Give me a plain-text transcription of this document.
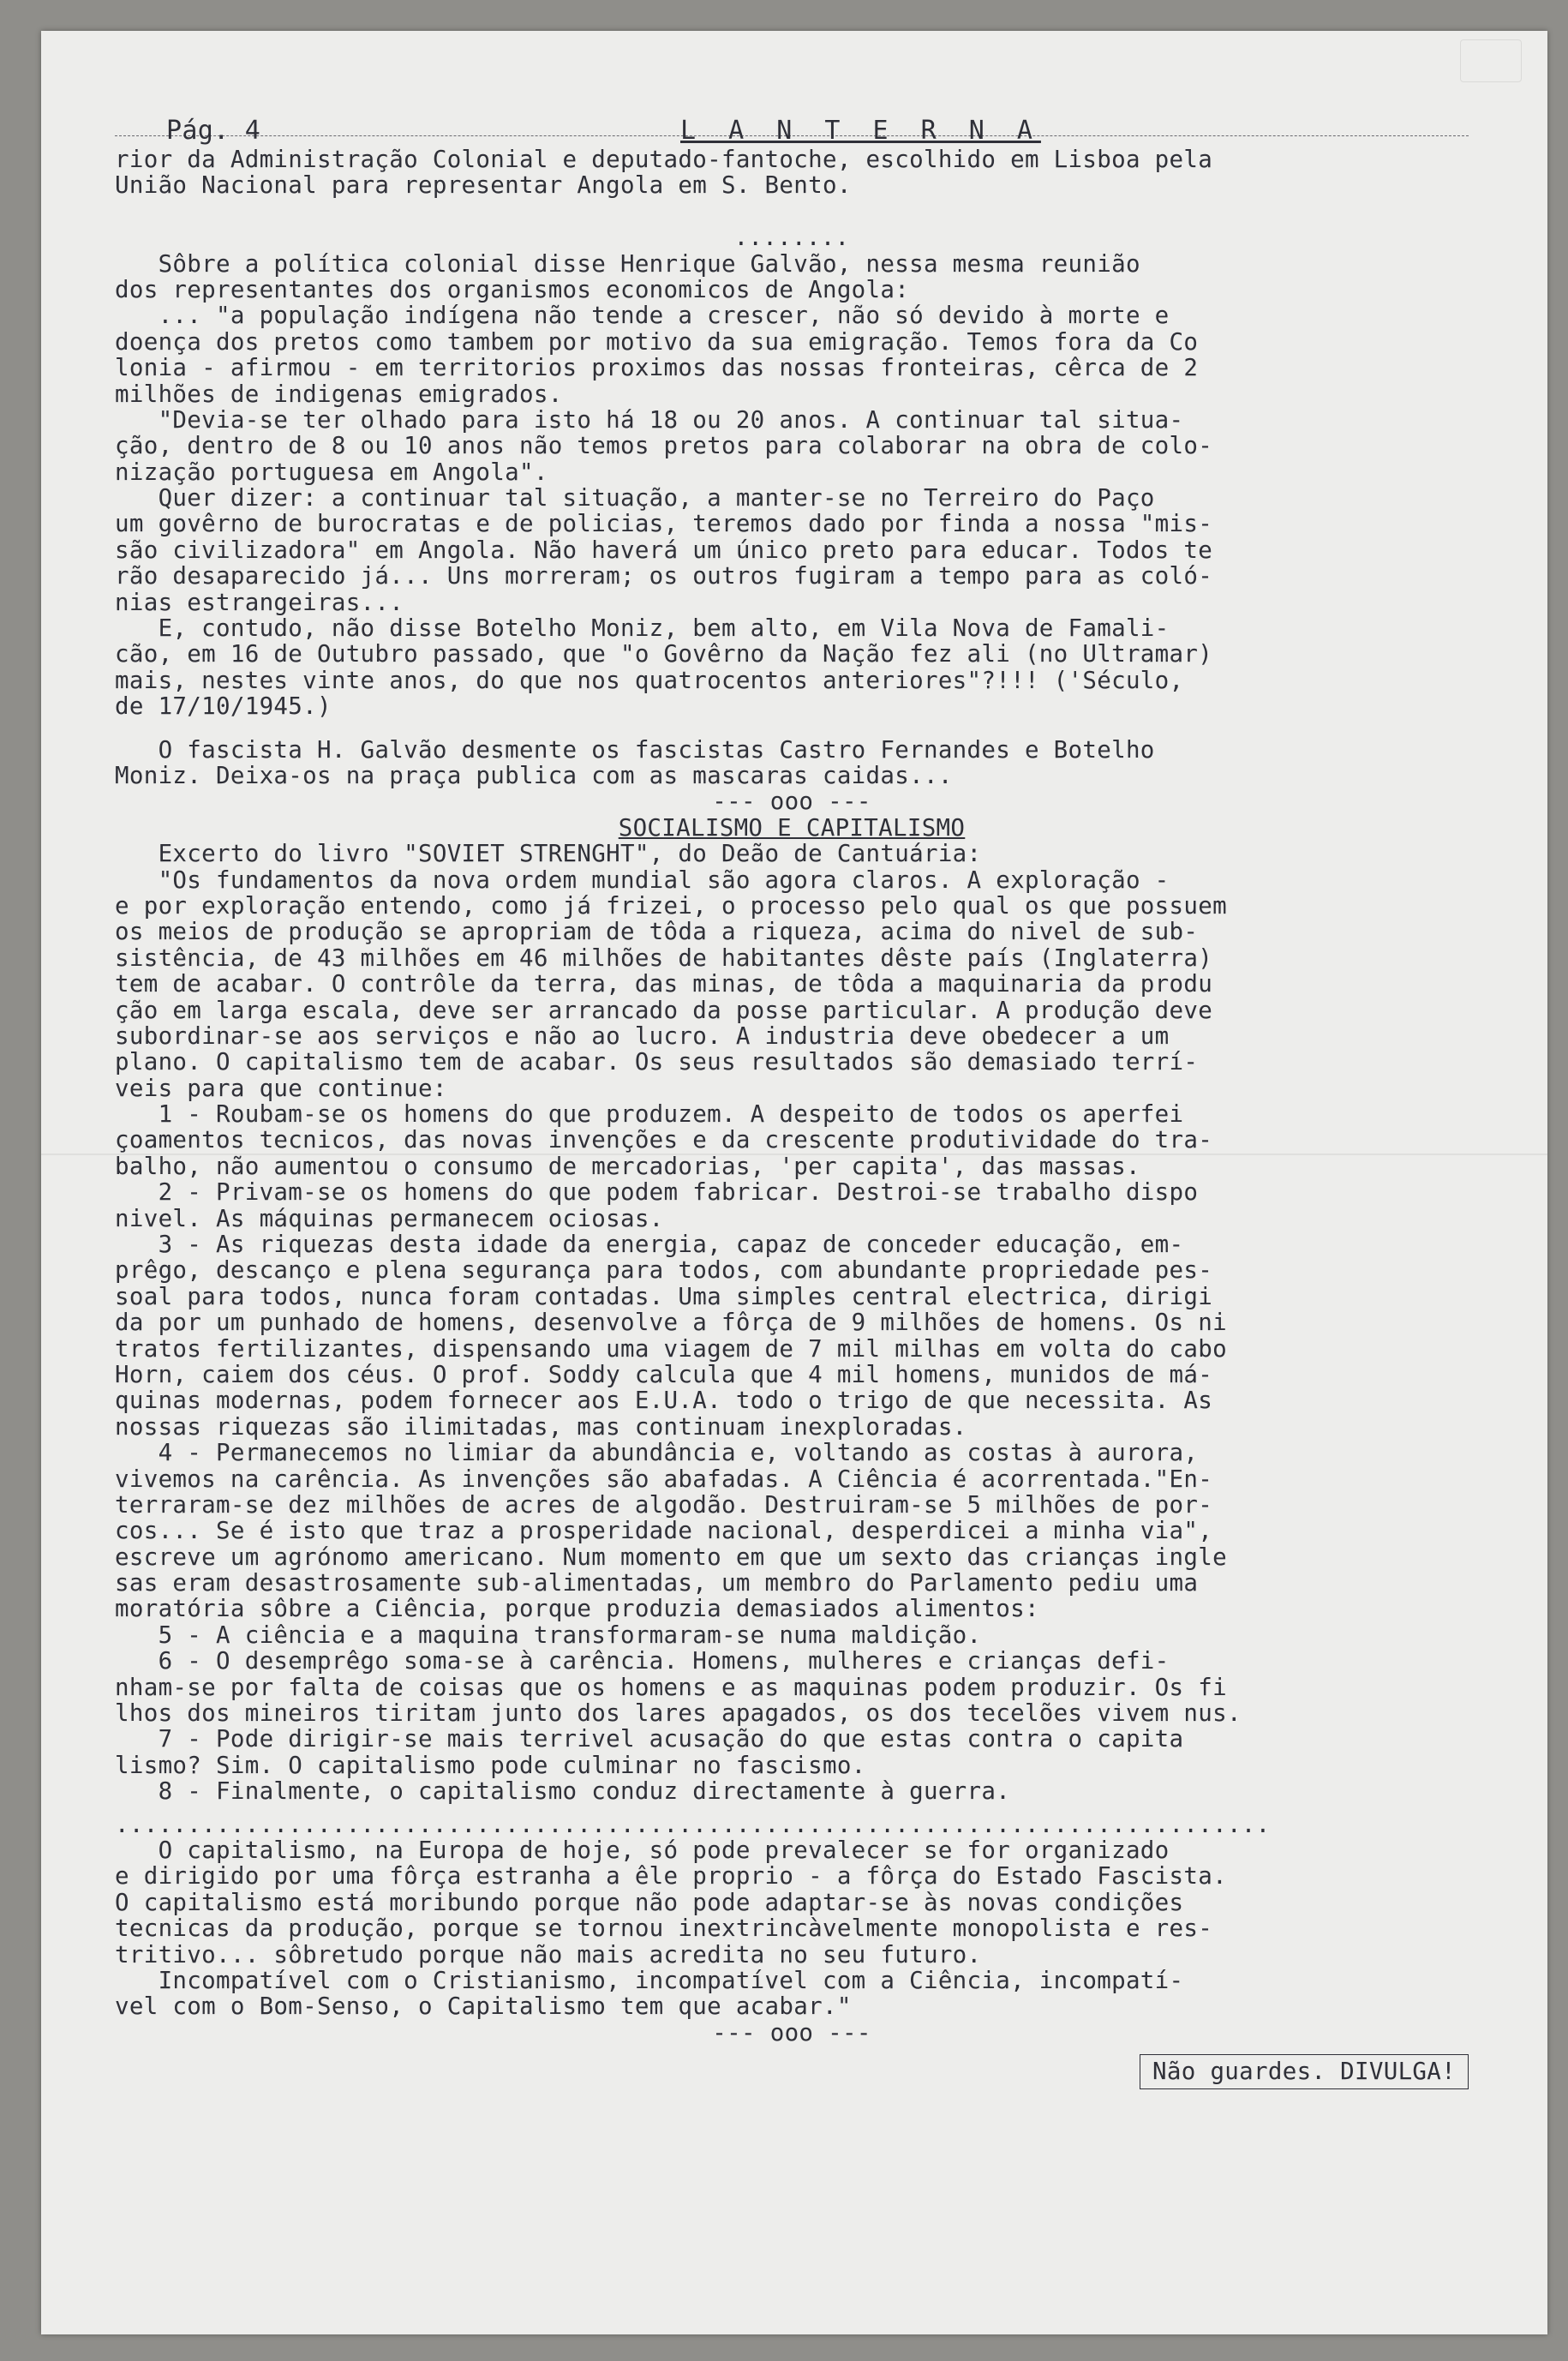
Pág. 4	L A N T E R N A
rior da Administração Colonial e deputado-fantoche, escolhido em Lisboa pela
União Nacional para representar Angola em S. Bento.
........
Sôbre a política colonial disse Henrique Galvão, nessa mesma reunião
dos representantes dos organismos economicos de Angola:
... "a população indígena não tende a crescer, não só devido à morte e
doença dos pretos como tambem por motivo da sua emigração. Temos fora da Co
lonia - afirmou - em territorios proximos das nossas fronteiras, cêrca de 2
milhões de indigenas emigrados.
"Devia-se ter olhado para isto há 18 ou 20 anos. A continuar tal situa-
ção, dentro de 8 ou 10 anos não temos pretos para colaborar na obra de colo-
nização portuguesa em Angola".
Quer dizer: a continuar tal situação, a manter-se no Terreiro do Paço
um govêrno de burocratas e de policias, teremos dado por finda a nossa "mis-
são civilizadora" em Angola. Não haverá um único preto para educar. Todos te
rão desaparecido já... Uns morreram; os outros fugiram a tempo para as coló-
nias estrangeiras...
E, contudo, não disse Botelho Moniz, bem alto, em Vila Nova de Famali-
cão, em 16 de Outubro passado, que "o Govêrno da Nação fez ali (no Ultramar)
mais, nestes vinte anos, do que nos quatrocentos anteriores"?!!! ('Século,
de 17/10/1945.)
O fascista H. Galvão desmente os fascistas Castro Fernandes e Botelho
Moniz. Deixa-os na praça publica com as mascaras caidas...
--- ooo ---
SOCIALISMO E CAPITALISMO
Excerto do livro "SOVIET STRENGHT", do Deão de Cantuária:
"Os fundamentos da nova ordem mundial são agora claros. A exploração -
e por exploração entendo, como já frizei, o processo pelo qual os que possuem
os meios de produção se apropriam de tôda a riqueza, acima do nivel de sub-
sistência, de 43 milhões em 46 milhões de habitantes dêste país (Inglaterra)
tem de acabar. O contrôle da terra, das minas, de tôda a maquinaria da produ
ção em larga escala, deve ser arrancado da posse particular. A produção deve
subordinar-se aos serviços e não ao lucro. A industria deve obedecer a um
plano. O capitalismo tem de acabar. Os seus resultados são demasiado terrí-
veis para que continue:
1 - Roubam-se os homens do que produzem. A despeito de todos os aperfei
çoamentos tecnicos, das novas invenções e da crescente produtividade do tra-
balho, não aumentou o consumo de mercadorias, 'per capita', das massas.
2 - Privam-se os homens do que podem fabricar. Destroi-se trabalho dispo
nivel. As máquinas permanecem ociosas.
3 - As riquezas desta idade da energia, capaz de conceder educação, em-
prêgo, descanço e plena segurança para todos, com abundante propriedade pes-
soal para todos, nunca foram contadas. Uma simples central electrica, dirigi
da por um punhado de homens, desenvolve a fôrça de 9 milhões de homens. Os ni
tratos fertilizantes, dispensando uma viagem de 7 mil milhas em volta do cabo
Horn, caiem dos céus. O prof. Soddy calcula que 4 mil homens, munidos de má-
quinas modernas, podem fornecer aos E.U.A. todo o trigo de que necessita. As
nossas riquezas são ilimitadas, mas continuam inexploradas.
4 - Permanecemos no limiar da abundância e, voltando as costas à aurora,
vivemos na carência. As invenções são abafadas. A Ciência é acorrentada."En-
terraram-se dez milhões de acres de algodão. Destruiram-se 5 milhões de por-
cos... Se é isto que traz a prosperidade nacional, desperdicei a minha via",
escreve um agrónomo americano. Num momento em que um sexto das crianças ingle
sas eram desastrosamente sub-alimentadas, um membro do Parlamento pediu uma
moratória sôbre a Ciência, porque produzia demasiados alimentos:
5 - A ciência e a maquina transformaram-se numa maldição.
6 - O desemprêgo soma-se à carência. Homens, mulheres e crianças defi-
nham-se por falta de coisas que os homens e as maquinas podem produzir. Os fi
lhos dos mineiros tiritam junto dos lares apagados, os dos tecelões vivem nus.
7 - Pode dirigir-se mais terrivel acusação do que estas contra o capita
lismo? Sim. O capitalismo pode culminar no fascismo.
8 - Finalmente, o capitalismo conduz directamente à guerra.
................................................................................
O capitalismo, na Europa de hoje, só pode prevalecer se for organizado
e dirigido por uma fôrça estranha a êle proprio - a fôrça do Estado Fascista.
O capitalismo está moribundo porque não pode adaptar-se às novas condições
tecnicas da produção, porque se tornou inextrincàvelmente monopolista e res-
tritivo... sôbretudo porque não mais acredita no seu futuro.
Incompatível com o Cristianismo, incompatível com a Ciência, incompatí-
vel com o Bom-Senso, o Capitalismo tem que acabar."
--- ooo ---
Não guardes. DIVULGA!
